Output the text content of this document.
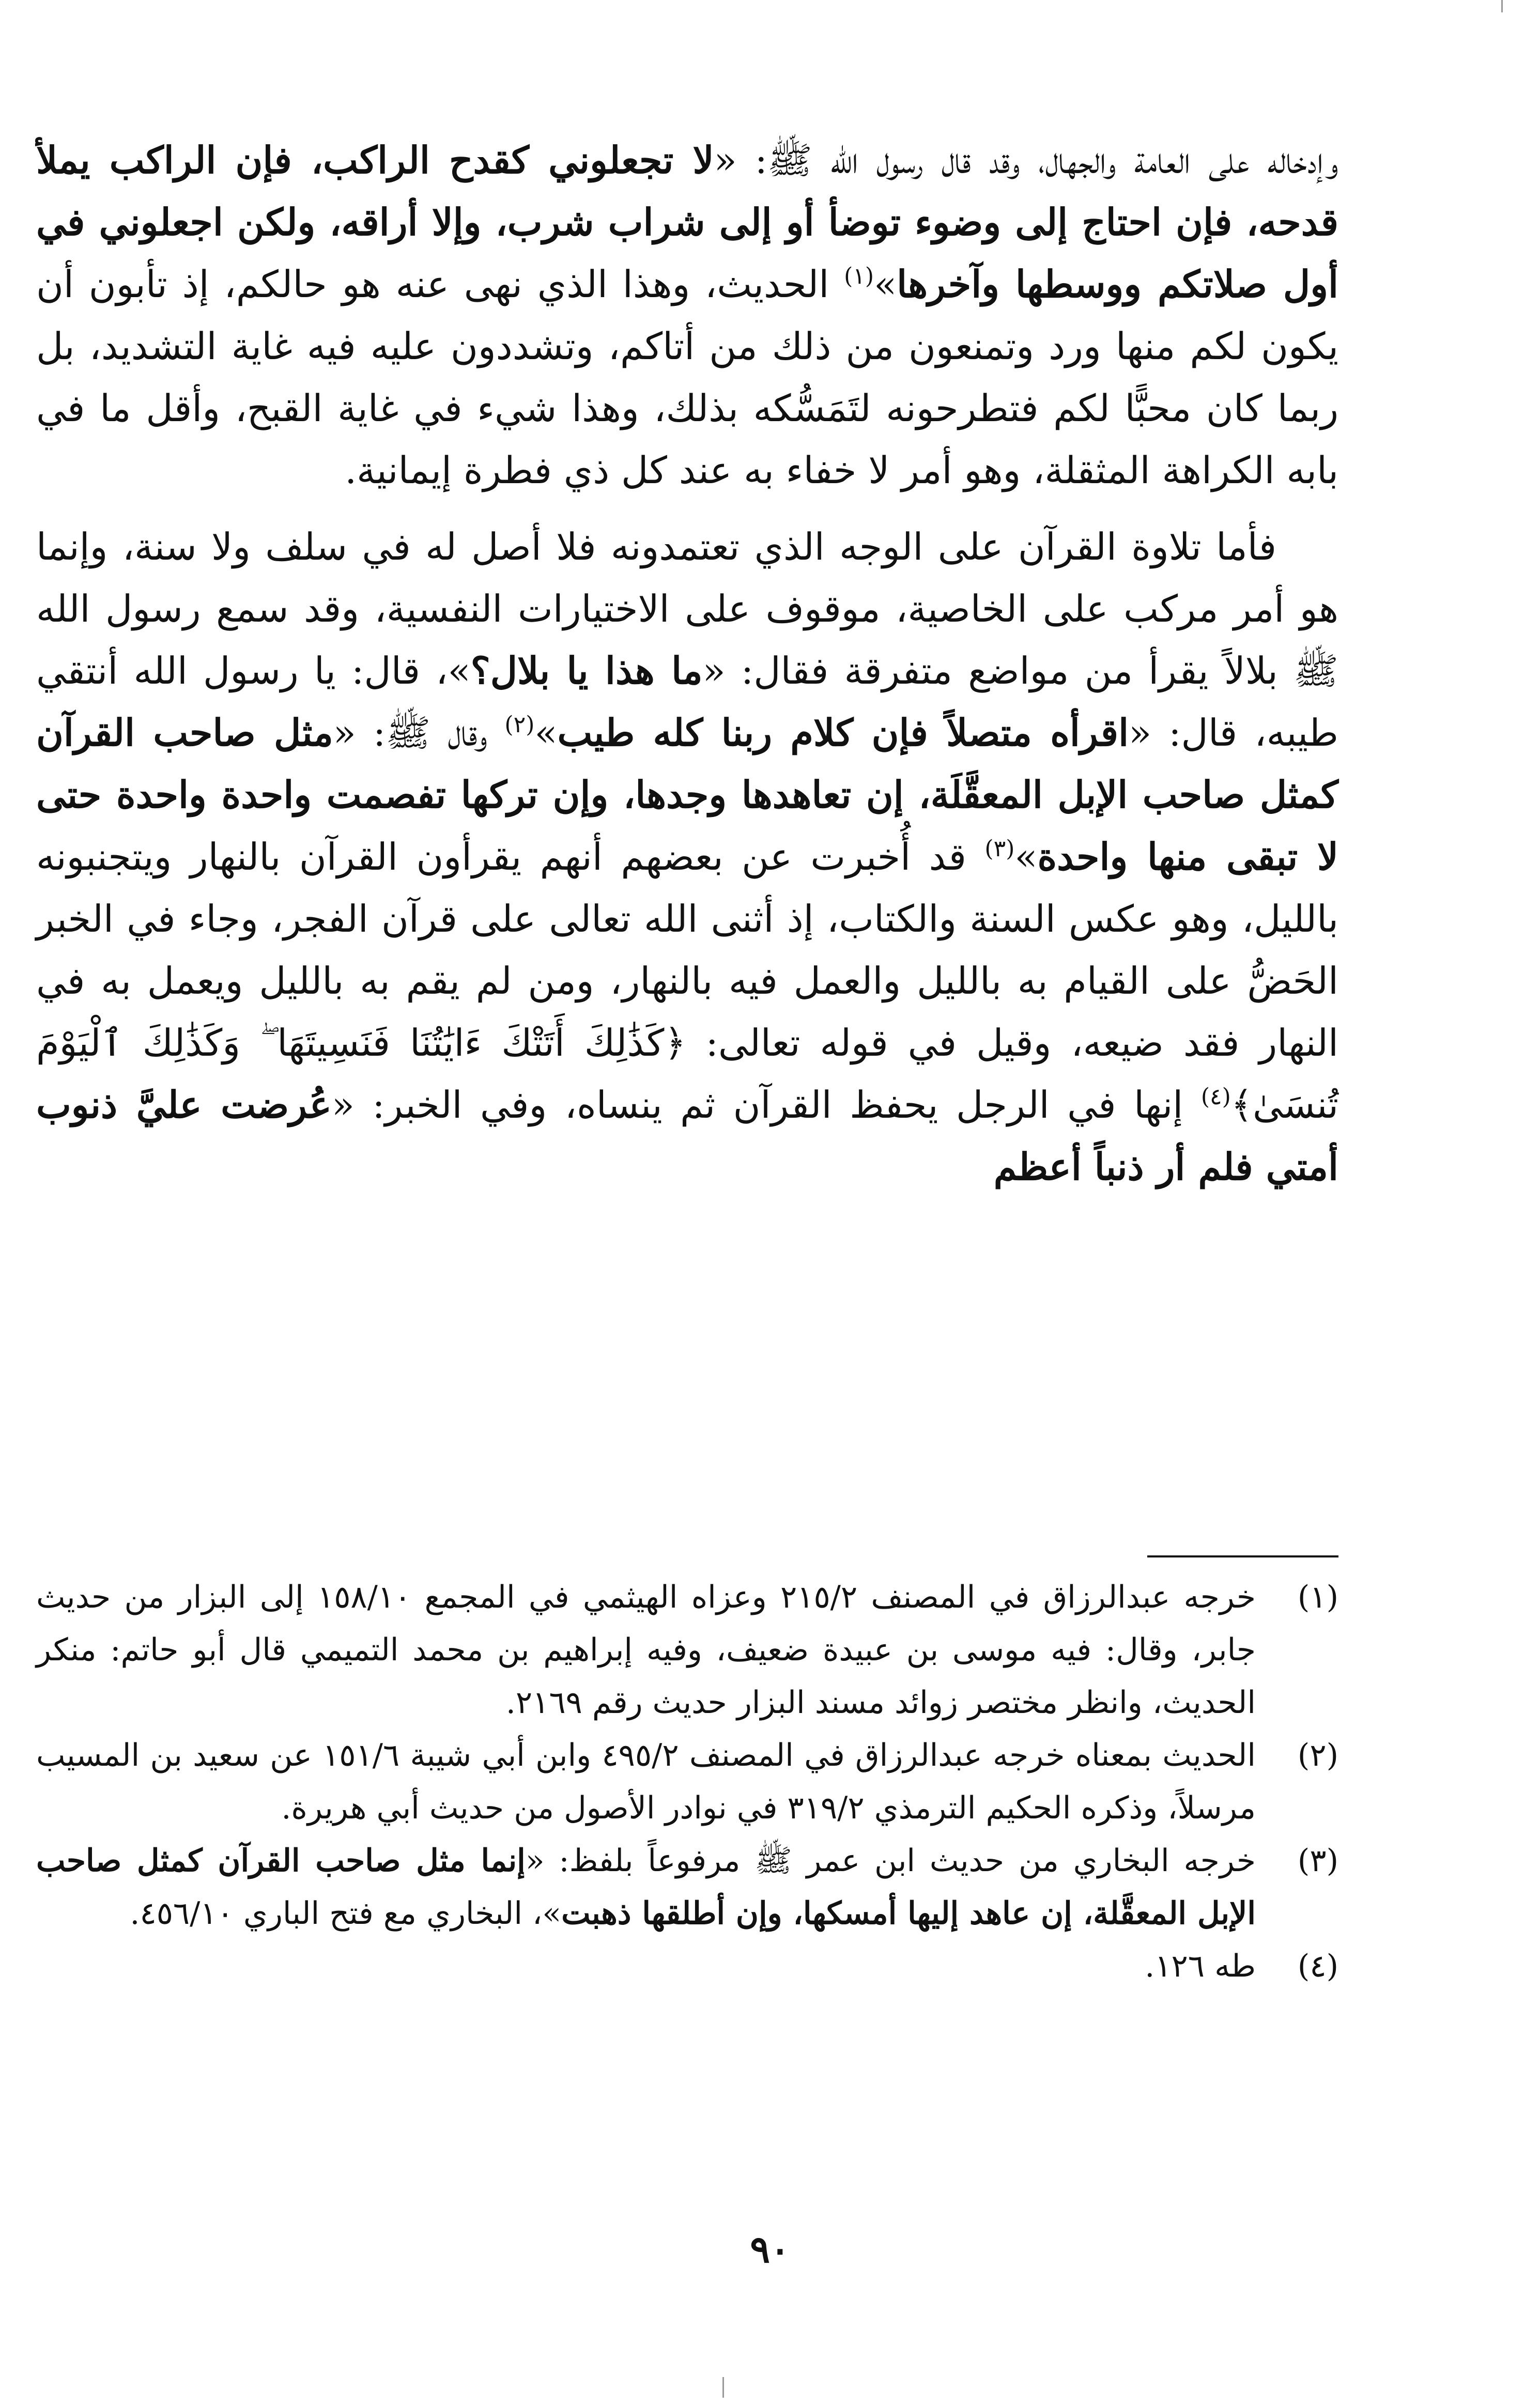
وإدخاله على العامة والجهال، وقد قال رسول الله ﷺ: «لا تجعلوني كقدح الراكب، فإن الراكب يملأ قدحه، فإن احتاج إلى وضوء توضأ أو إلى شراب شرب، وإلا أراقه، ولكن اجعلوني في أول صلاتكم ووسطها وآخرها»$^{(١)}$ الحديث، وهذا الذي نهى عنه هو حالكم، إذ تأبون أن يكون لكم منها ورد وتمنعون من ذلك من أتاكم، وتشددون عليه فيه غاية التشديد، بل ربما كان محبًّا لكم فتطرحونه لتَمَسُّكه بذلك، وهذا شيء في غاية القبح، وأقل ما في بابه الكراهة المثقلة، وهو أمر لا خفاء به عند كل ذي فطرة إيمانية.

فأما تلاوة القرآن على الوجه الذي تعتمدونه فلا أصل له في سلف ولا سنة، وإنما هو أمر مركب على الخاصية، موقوف على الاختيارات النفسية، وقد سمع رسول الله ﷺ بلالاً يقرأ من مواضع متفرقة فقال: «ما هذا يا بلال؟»، قال: يا رسول الله أنتقي طيبه، قال: «اقرأه متصلاً فإن كلام ربنا كله طيب»$^{(٢)}$ وقال ﷺ: «مثل صاحب القرآن كمثل صاحب الإبل المعقَّلَة، إن تعاهدها وجدها، وإن تركها تفصمت واحدة واحدة حتى لا تبقى منها واحدة»$^{(٣)}$ قد أُخبرت عن بعضهم أنهم يقرأون القرآن بالنهار ويتجنبونه بالليل، وهو عكس السنة والكتاب، إذ أثنى الله تعالى على قرآن الفجر، وجاء في الخبر الحَضُّ على القيام به بالليل والعمل فيه بالنهار، ومن لم يقم به بالليل ويعمل به في النهار فقد ضيعه، وقيل في قوله تعالى: ﴿كَذَٰلِكَ أَتَتْكَ ءَايَٰتُنَا فَنَسِيتَهَا ۖ وَكَذَٰلِكَ ٱلْيَوْمَ تُنسَىٰ﴾$^{(٤)}$ إنها في الرجل يحفظ القرآن ثم ينساه، وفي الخبر: «عُرضت عليَّ ذنوب أمتي فلم أر ذنباً أعظم

(١)
خرجه عبدالرزاق في المصنف ٢١٥/٢ وعزاه الهيثمي في المجمع ١٥٨/١٠ إلى البزار من حديث جابر، وقال: فيه موسى بن عبيدة ضعيف، وفيه إبراهيم بن محمد التميمي قال أبو حاتم: منكر الحديث، وانظر مختصر زوائد مسند البزار حديث رقم ٢١٦٩.
(٢)
الحديث بمعناه خرجه عبدالرزاق في المصنف ٤٩٥/٢ وابن أبي شيبة ١٥١/٦ عن سعيد بن المسيب مرسلاً، وذكره الحكيم الترمذي ٣١٩/٢ في نوادر الأصول من حديث أبي هريرة.
(٣)
خرجه البخاري من حديث ابن عمر ﷺ مرفوعاً بلفظ: «إنما مثل صاحب القرآن كمثل صاحب الإبل المعقَّلة، إن عاهد إليها أمسكها، وإن أطلقها ذهبت»، البخاري مع فتح الباري ٤٥٦/١٠.
(٤)
طه ١٢٦.
٩٠
